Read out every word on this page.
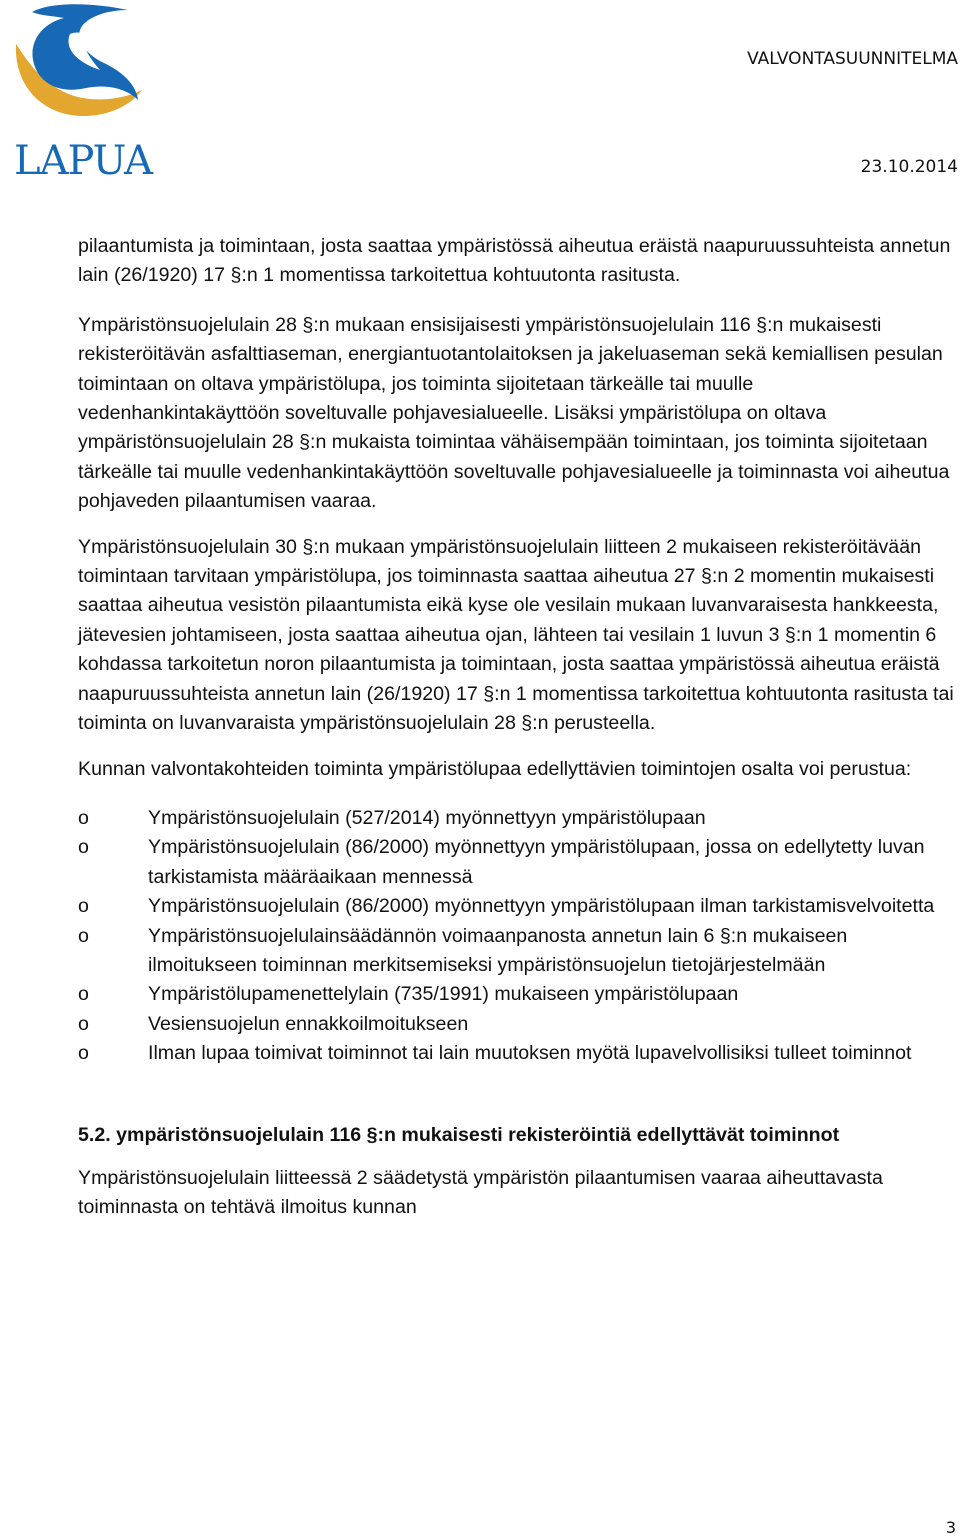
LAPUA
VALVONTASUUNNITELMA
23.10.2014

pilaantumista ja toimintaan, josta saattaa ympäristössä aiheutua eräistä naapuruussuhteista annetun lain (26/1920) 17 §:n 1 momentissa tarkoitettua kohtuutonta rasitusta.

Ympäristönsuojelulain 28 §:n mukaan ensisijaisesti ympäristönsuojelulain 116 §:n mukaisesti rekisteröitävän asfalttiaseman, energiantuotantolaitoksen ja jakeluaseman sekä kemiallisen pesulan toimintaan on oltava ympäristölupa, jos toiminta sijoitetaan tärkeälle tai muulle vedenhankintakäyttöön soveltuvalle pohjavesialueelle. Lisäksi ympäristölupa on oltava ympäristönsuojelulain 28 §:n mukaista toimintaa vähäisempään toimintaan, jos toiminta sijoitetaan tärkeälle tai muulle vedenhankintakäyttöön soveltuvalle pohjavesialueelle ja toiminnasta voi aiheutua pohjaveden pilaantumisen vaaraa.

Ympäristönsuojelulain 30 §:n mukaan ympäristönsuojelulain liitteen 2 mukaiseen rekisteröitävään toimintaan tarvitaan ympäristölupa, jos toiminnasta saattaa aiheutua 27 §:n 2 momentin mukaisesti saattaa aiheutua vesistön pilaantumista eikä kyse ole vesilain mukaan luvanvaraisesta hankkeesta, jätevesien johtamiseen, josta saattaa aiheutua ojan, lähteen tai vesilain 1 luvun 3 §:n 1 momentin 6 kohdassa tarkoitetun noron pilaantumista ja toimintaan, josta saattaa ympäristössä aiheutua eräistä naapuruussuhteista annetun lain (26/1920) 17 §:n 1 momentissa tarkoitettua kohtuutonta rasitusta tai toiminta on luvanvaraista ympäristönsuojelulain 28 §:n perusteella.

Kunnan valvontakohteiden toiminta ympäristölupaa edellyttävien toimintojen osalta voi perustua:

o	Ympäristönsuojelulain (527/2014) myönnettyyn ympäristölupaan
o	Ympäristönsuojelulain (86/2000) myönnettyyn ympäristölupaan, jossa on edellytetty luvan tarkistamista määräaikaan mennessä
o	Ympäristönsuojelulain (86/2000) myönnettyyn ympäristölupaan ilman tarkistamisvelvoitetta
o	Ympäristönsuojelulainsäädännön voimaanpanosta annetun lain 6 §:n mukaiseen ilmoitukseen toiminnan merkitsemiseksi ympäristönsuojelun tietojärjestelmään
o	Ympäristölupamenettelylain (735/1991) mukaiseen ympäristölupaan
o	Vesiensuojelun ennakkoilmoitukseen
o	Ilman lupaa toimivat toiminnot tai lain muutoksen myötä lupavelvollisiksi tulleet toiminnot
5.2. ympäristönsuojelulain 116 §:n mukaisesti rekisteröintiä edellyttävät toiminnot

Ympäristönsuojelulain liitteessä 2 säädetystä ympäristön pilaantumisen vaaraa aiheuttavasta toiminnasta on tehtävä ilmoitus kunnan

3
